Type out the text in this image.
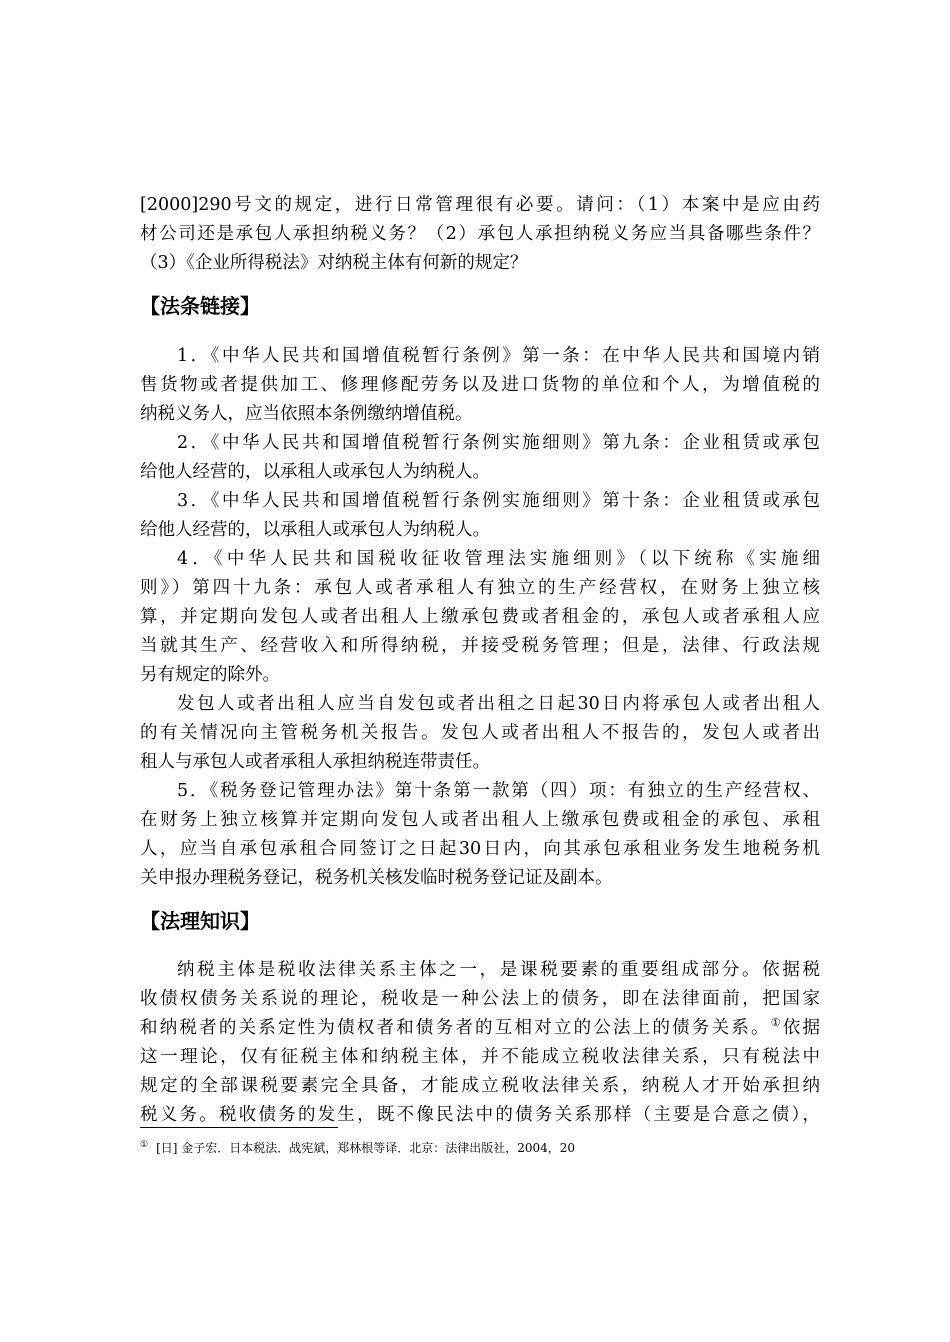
[2000]290号文的规定，进行日常管理很有必要。请问：（1）本案中是应由药
材公司还是承包人承担纳税义务？（2）承包人承担纳税义务应当具备哪些条件？
（3）《企业所得税法》对纳税主体有何新的规定？
【法条链接】
1．《中华人民共和国增值税暂行条例》第一条：在中华人民共和国境内销
售货物或者提供加工、修理修配劳务以及进口货物的单位和个人，为增值税的
纳税义务人，应当依照本条例缴纳增值税。
2．《中华人民共和国增值税暂行条例实施细则》第九条：企业租赁或承包
给他人经营的，以承租人或承包人为纳税人。
3．《中华人民共和国增值税暂行条例实施细则》第十条：企业租赁或承包
给他人经营的，以承租人或承包人为纳税人。
4．《中华人民共和国税收征收管理法实施细则》（以下统称《实施细
则》）第四十九条：承包人或者承租人有独立的生产经营权，在财务上独立核
算，并定期向发包人或者出租人上缴承包费或者租金的，承包人或者承租人应
当就其生产、经营收入和所得纳税，并接受税务管理；但是，法律、行政法规
另有规定的除外。
发包人或者出租人应当自发包或者出租之日起30日内将承包人或者出租人
的有关情况向主管税务机关报告。发包人或者出租人不报告的，发包人或者出
租人与承包人或者承租人承担纳税连带责任。
5．《税务登记管理办法》第十条第一款第（四）项：有独立的生产经营权、
在财务上独立核算并定期向发包人或者出租人上缴承包费或租金的承包、承租
人，应当自承包承租合同签订之日起30日内，向其承包承租业务发生地税务机
关申报办理税务登记，税务机关核发临时税务登记证及副本。
【法理知识】
纳税主体是税收法律关系主体之一，是课税要素的重要组成部分。依据税
收债权债务关系说的理论，税收是一种公法上的债务，即在法律面前，把国家
和纳税者的关系定性为债权者和债务者的互相对立的公法上的债务关系。①依据
这一理论，仅有征税主体和纳税主体，并不能成立税收法律关系，只有税法中
规定的全部课税要素完全具备，才能成立税收法律关系，纳税人才开始承担纳
税义务。税收债务的发生，既不像民法中的债务关系那样（主要是合意之债），
① [日] 金子宏．日本税法．战宪斌，郑林根等译．北京：法律出版社，2004，20
